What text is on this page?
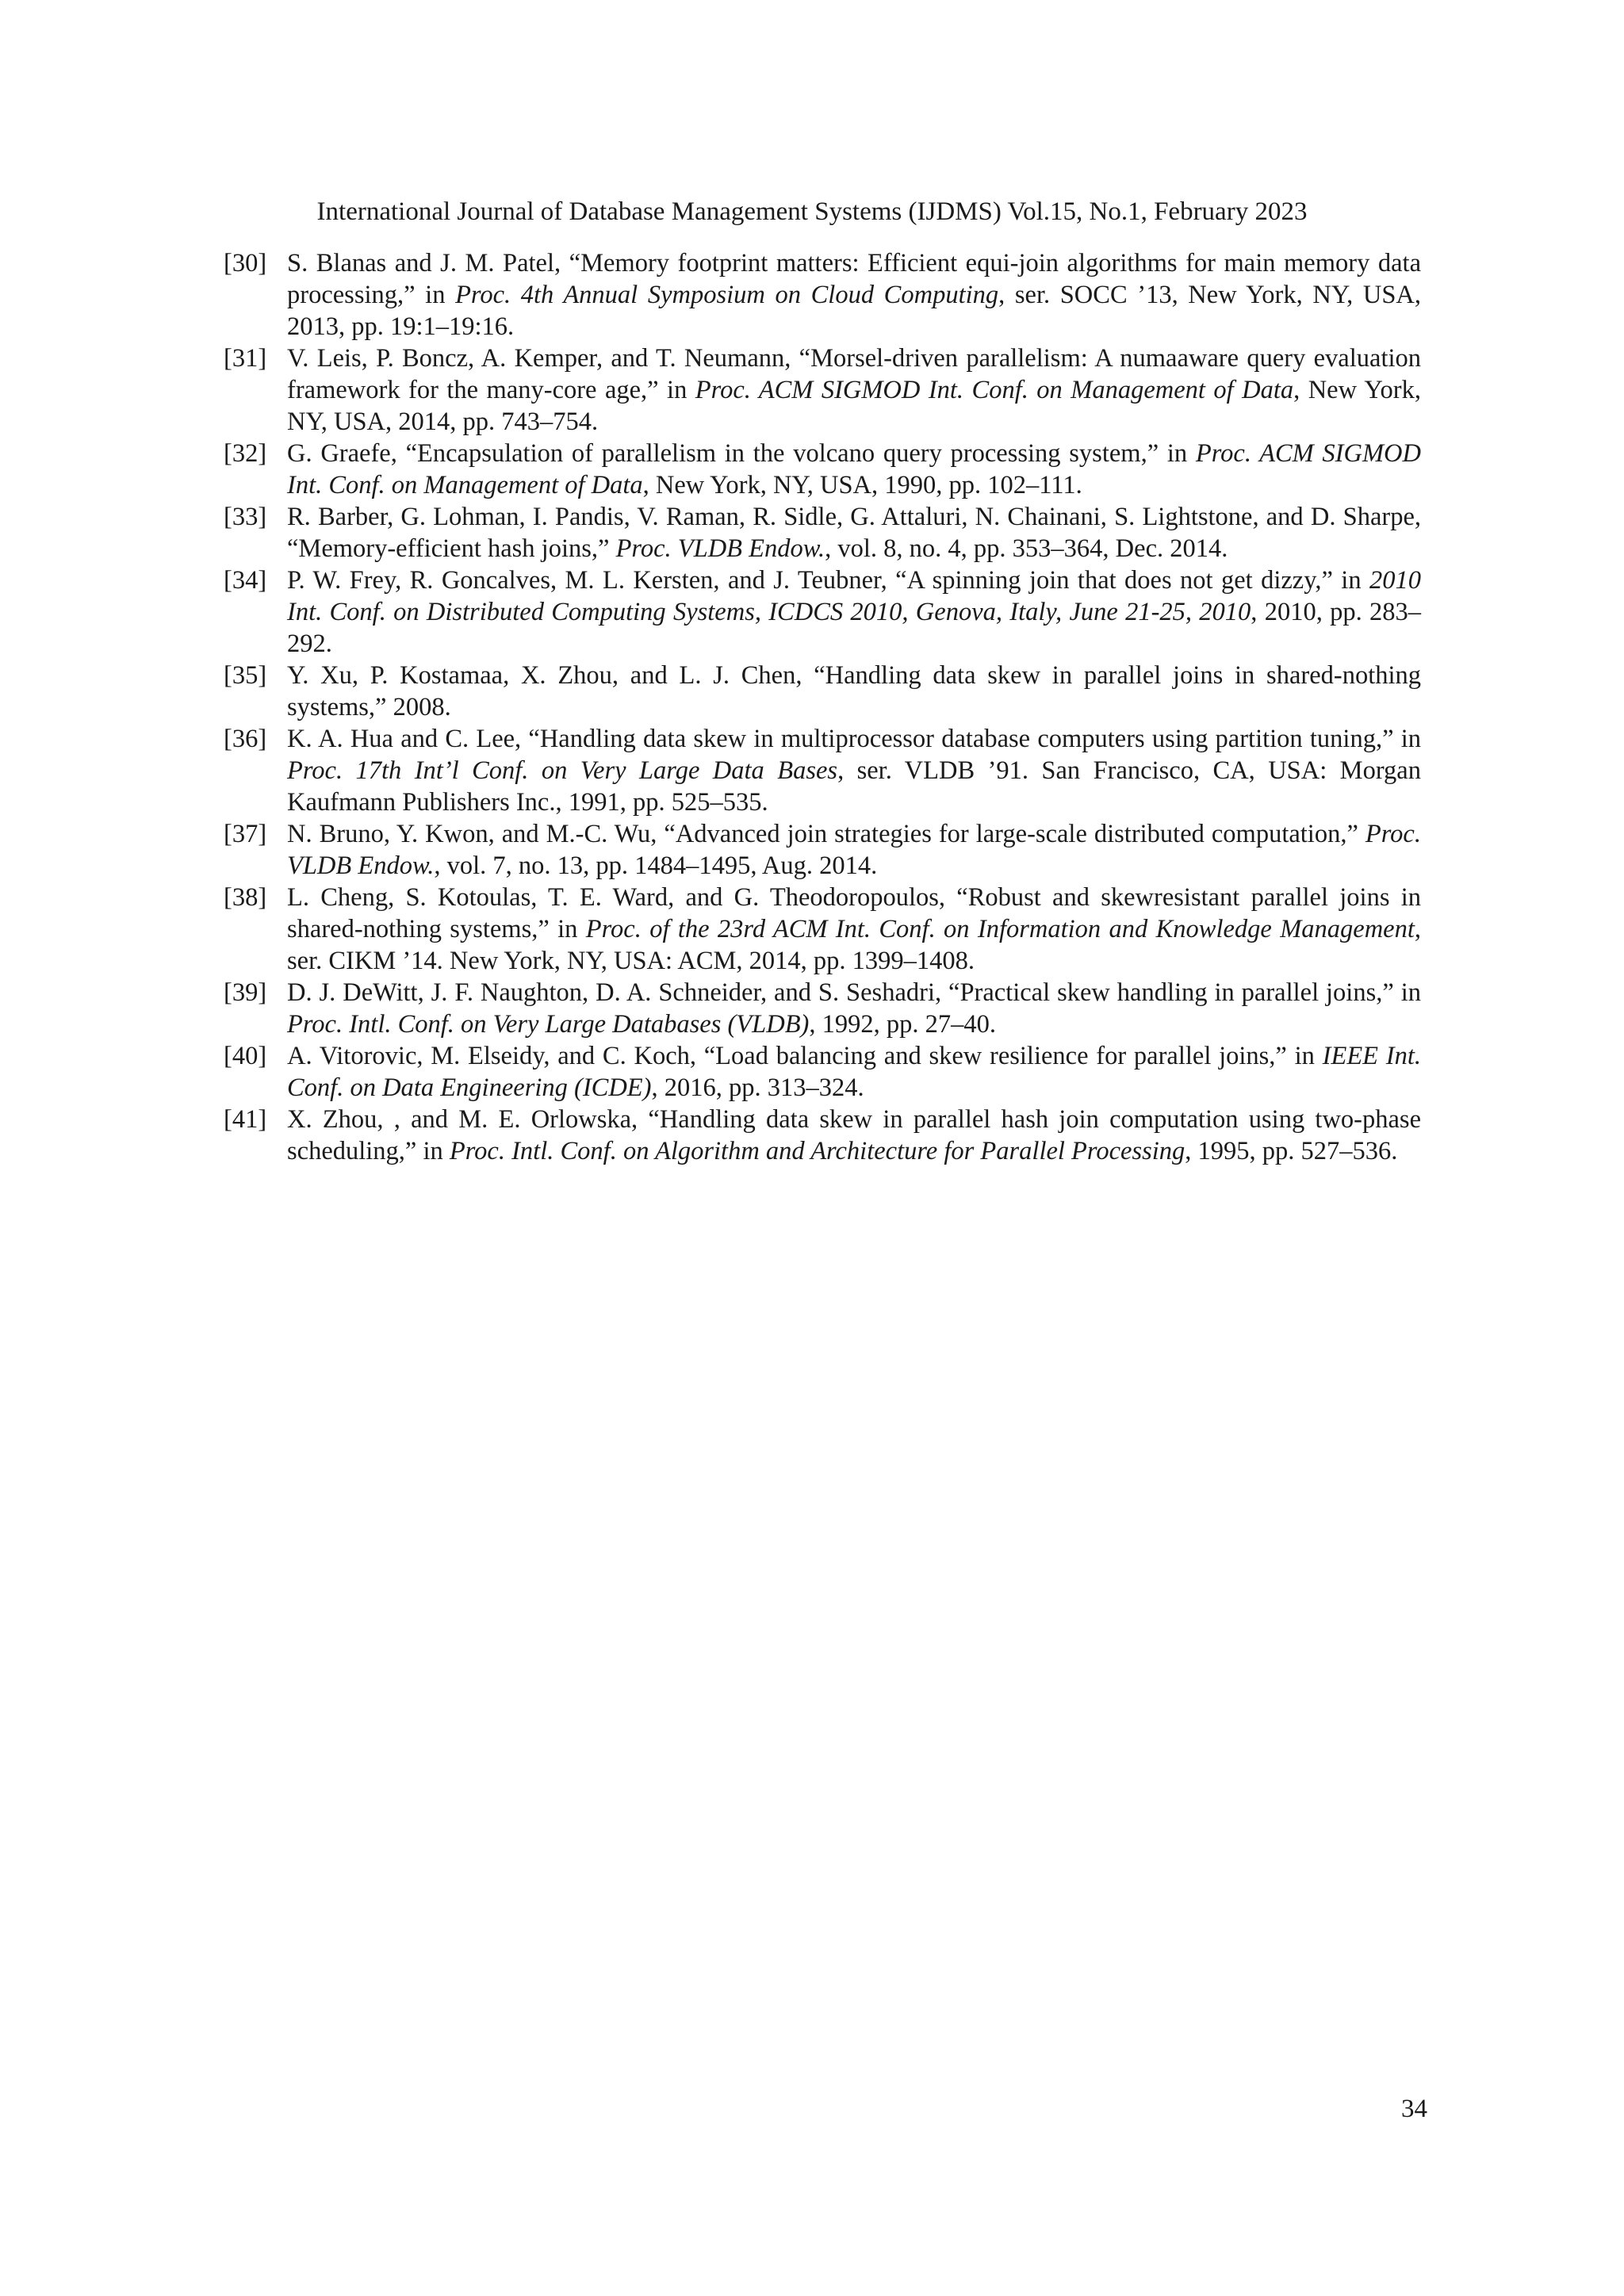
International Journal of Database Management Systems (IJDMS) Vol.15, No.1, February 2023
[30] S. Blanas and J. M. Patel, “Memory footprint matters: Efficient equi-join algorithms for main memory data processing,” in Proc. 4th Annual Symposium on Cloud Computing, ser. SOCC ’13, New York, NY, USA, 2013, pp. 19:1–19:16.
[31] V. Leis, P. Boncz, A. Kemper, and T. Neumann, “Morsel-driven parallelism: A numaaware query evaluation framework for the many-core age,” in Proc. ACM SIGMOD Int. Conf. on Management of Data, New York, NY, USA, 2014, pp. 743–754.
[32] G. Graefe, “Encapsulation of parallelism in the volcano query processing system,” in Proc. ACM SIGMOD Int. Conf. on Management of Data, New York, NY, USA, 1990, pp. 102–111.
[33] R. Barber, G. Lohman, I. Pandis, V. Raman, R. Sidle, G. Attaluri, N. Chainani, S. Lightstone, and D. Sharpe, “Memory-efficient hash joins,” Proc. VLDB Endow., vol. 8, no. 4, pp. 353–364, Dec. 2014.
[34] P. W. Frey, R. Goncalves, M. L. Kersten, and J. Teubner, “A spinning join that does not get dizzy,” in 2010 Int. Conf. on Distributed Computing Systems, ICDCS 2010, Genova, Italy, June 21-25, 2010, 2010, pp. 283–292.
[35] Y. Xu, P. Kostamaa, X. Zhou, and L. J. Chen, “Handling data skew in parallel joins in shared-nothing systems,” 2008.
[36] K. A. Hua and C. Lee, “Handling data skew in multiprocessor database computers using partition tuning,” in Proc. 17th Int’l Conf. on Very Large Data Bases, ser. VLDB ’91. San Francisco, CA, USA: Morgan Kaufmann Publishers Inc., 1991, pp. 525–535.
[37] N. Bruno, Y. Kwon, and M.-C. Wu, “Advanced join strategies for large-scale distributed computation,” Proc. VLDB Endow., vol. 7, no. 13, pp. 1484–1495, Aug. 2014.
[38] L. Cheng, S. Kotoulas, T. E. Ward, and G. Theodoropoulos, “Robust and skewresistant parallel joins in shared-nothing systems,” in Proc. of the 23rd ACM Int. Conf. on Information and Knowledge Management, ser. CIKM ’14. New York, NY, USA: ACM, 2014, pp. 1399–1408.
[39] D. J. DeWitt, J. F. Naughton, D. A. Schneider, and S. Seshadri, “Practical skew handling in parallel joins,” in Proc. Intl. Conf. on Very Large Databases (VLDB), 1992, pp. 27–40.
[40] A. Vitorovic, M. Elseidy, and C. Koch, “Load balancing and skew resilience for parallel joins,” in IEEE Int. Conf. on Data Engineering (ICDE), 2016, pp. 313–324.
[41] X. Zhou, , and M. E. Orlowska, “Handling data skew in parallel hash join computation using two-phase scheduling,” in Proc. Intl. Conf. on Algorithm and Architecture for Parallel Processing, 1995, pp. 527–536.
34
